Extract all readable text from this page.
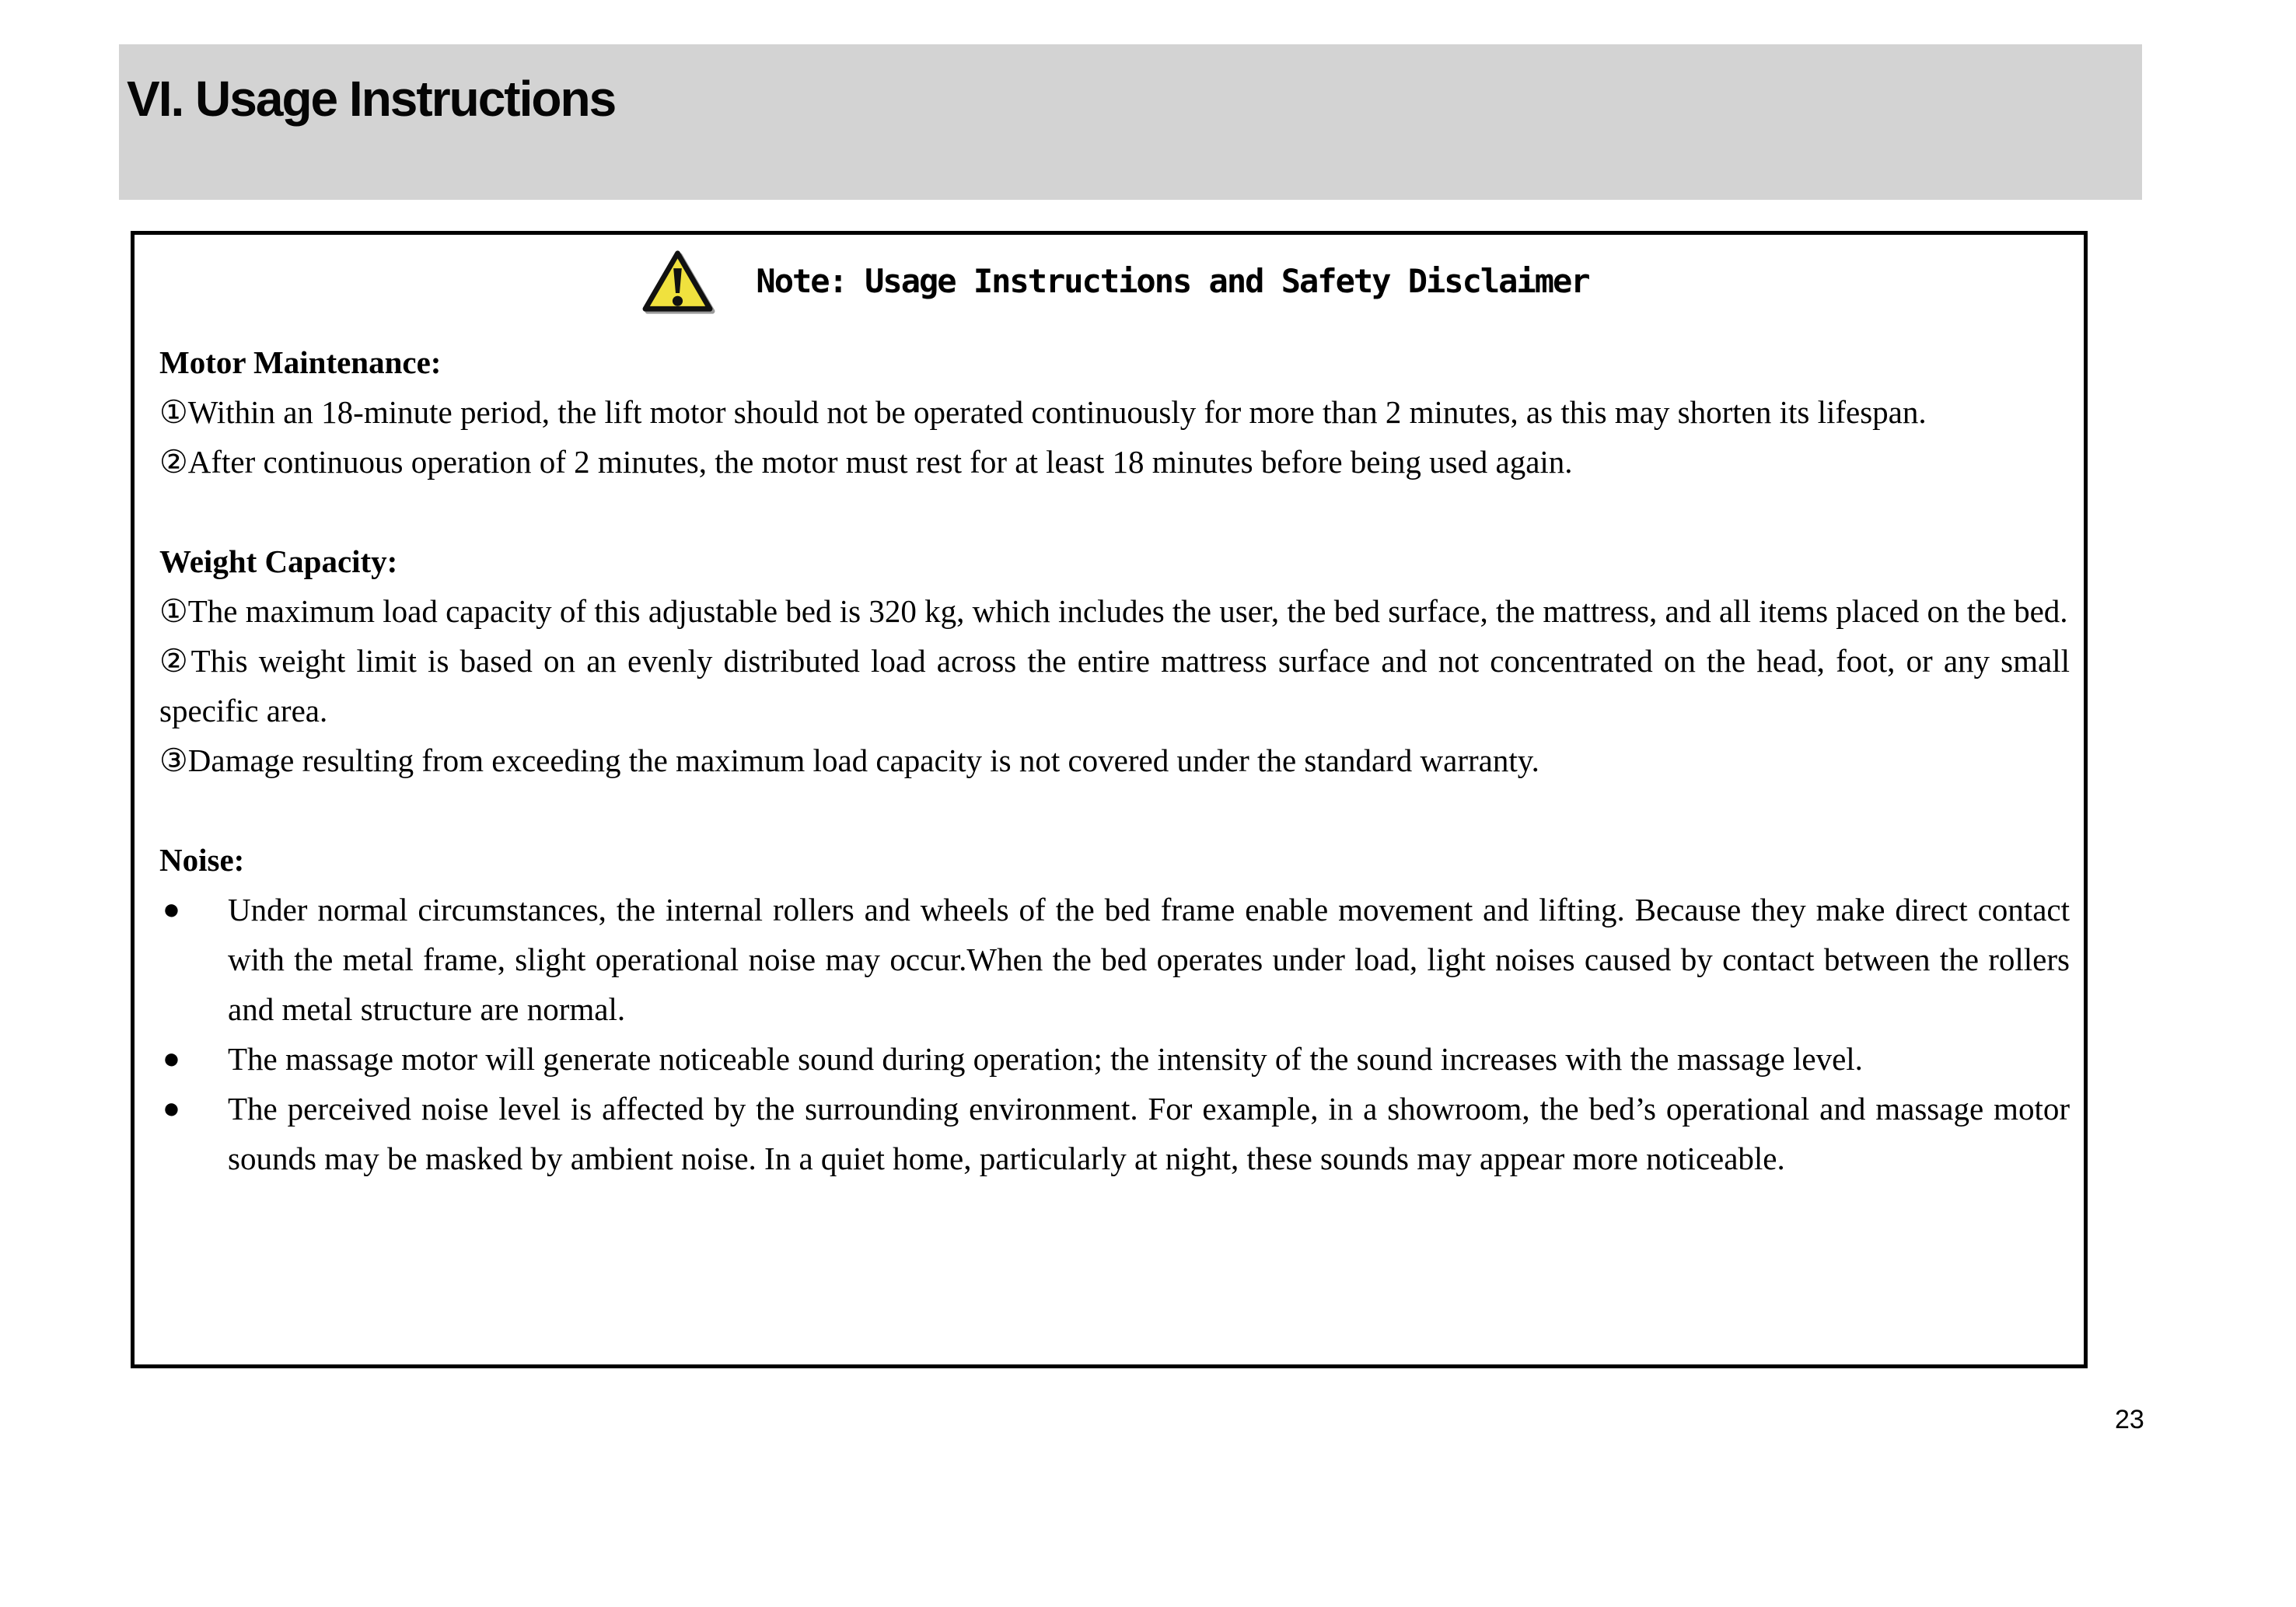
VI. Usage Instructions
Note: Usage Instructions and Safety Disclaimer
Motor Maintenance:

①Within an 18-minute period, the lift motor should not be operated continuously for more than 2 minutes, as this may shorten its lifespan.

②After continuous operation of 2 minutes, the motor must rest for at least 18 minutes before being used again.

Weight Capacity:

①The maximum load capacity of this adjustable bed is 320 kg, which includes the user, the bed surface, the mattress, and all items placed on the bed.

②This weight limit is based on an evenly distributed load across the entire mattress surface and not concentrated on the head, foot, or any small specific area.

③Damage resulting from exceeding the maximum load capacity is not covered under the standard warranty.

Noise:
● Under normal circumstances, the internal rollers and wheels of the bed frame enable movement and lifting. Because they make direct contact with the metal frame, slight operational noise may occur.When the bed operates under load, light noises caused by contact between the rollers and metal structure are normal.
● The massage motor will generate noticeable sound during operation; the intensity of the sound increases with the massage level.
● The perceived noise level is affected by the surrounding environment. For example, in a showroom, the bed’s operational and massage motor sounds may be masked by ambient noise. In a quiet home, particularly at night, these sounds may appear more noticeable.
23
